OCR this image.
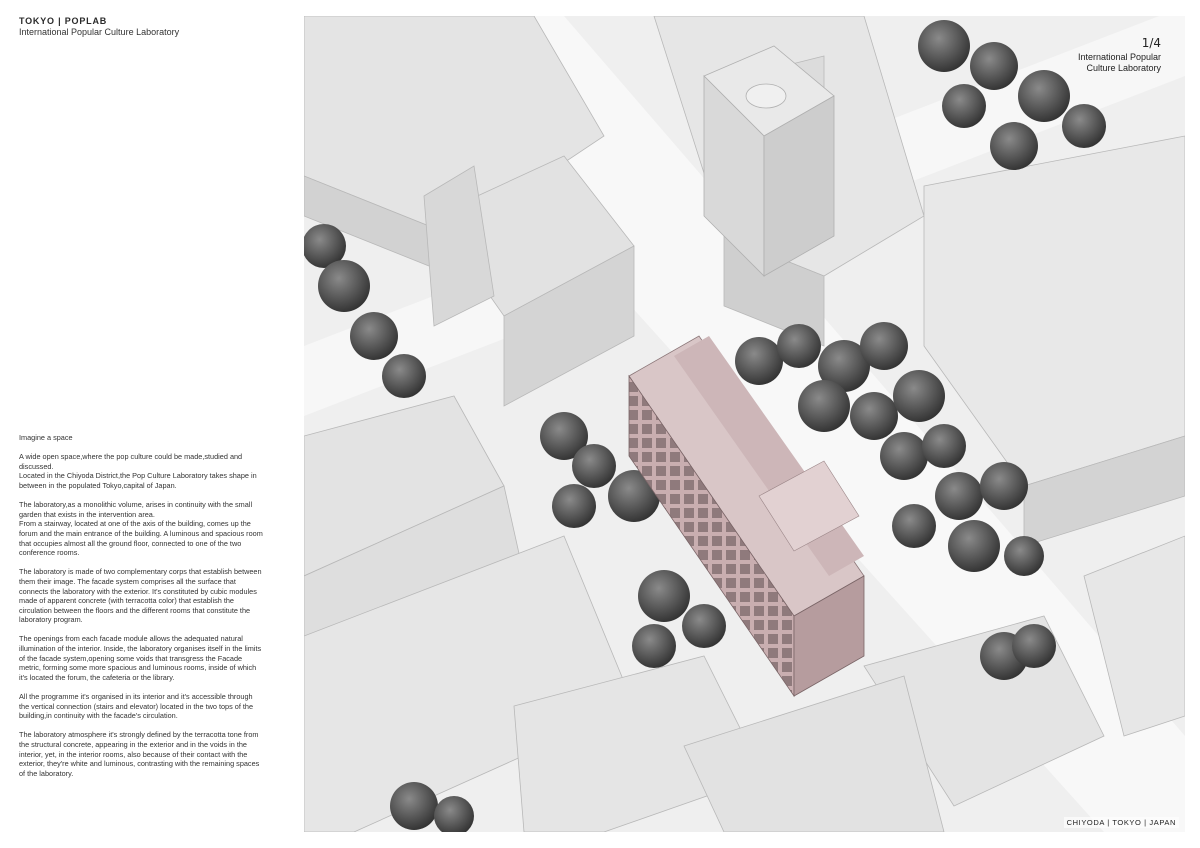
TOKYO | POPLAB
International Popular Culture Laboratory

Imagine a space

A wide open space,where the pop culture could be made,studied and discussed.
Located in the Chiyoda District,the Pop Culture Laboratory takes shape in between in the populated Tokyo,capital of Japan.

The laboratory,as a monolithic volume, arises in continuity with the small garden that exists in the intervention area.
From a stairway, located at one of the axis of the building, comes up the forum and the main entrance of the building. A luminous and spacious room that occupies almost all the ground floor, connected to one of the two conference rooms.

The laboratory is made of two complementary corps that establish between them their image. The facade system comprises all the surface that connects the laboratory with the exterior. It's constituted by cubic modules made of apparent concrete (with terracotta color) that establish the circulation between the floors and the different rooms that constitute the laboratory program.

The openings from each facade module allows the adequated natural illumination of the interior. Inside, the laboratory organises itself in the limits of the facade system,opening some voids that transgress the Facade metric, forming some more spacious and luminous rooms, inside of which it's located the forum, the cafeteria or the library.

All the programme it's organised in its interior and it's accessible through the vertical connection (stairs and elevator) located in the two tops of the building,in continuity with the facade's circulation.

The laboratory atmosphere it's strongly defined by the terracotta tone from the structural concrete, appearing in the exterior and in the voids in the interior, yet, in the interior rooms, also because of their contact with the exterior, they're white and luminous, contrasting with the remaining spaces of the laboratory.

1/4
International Popular Culture Laboratory
CHIYODA | TOKYO | JAPAN
